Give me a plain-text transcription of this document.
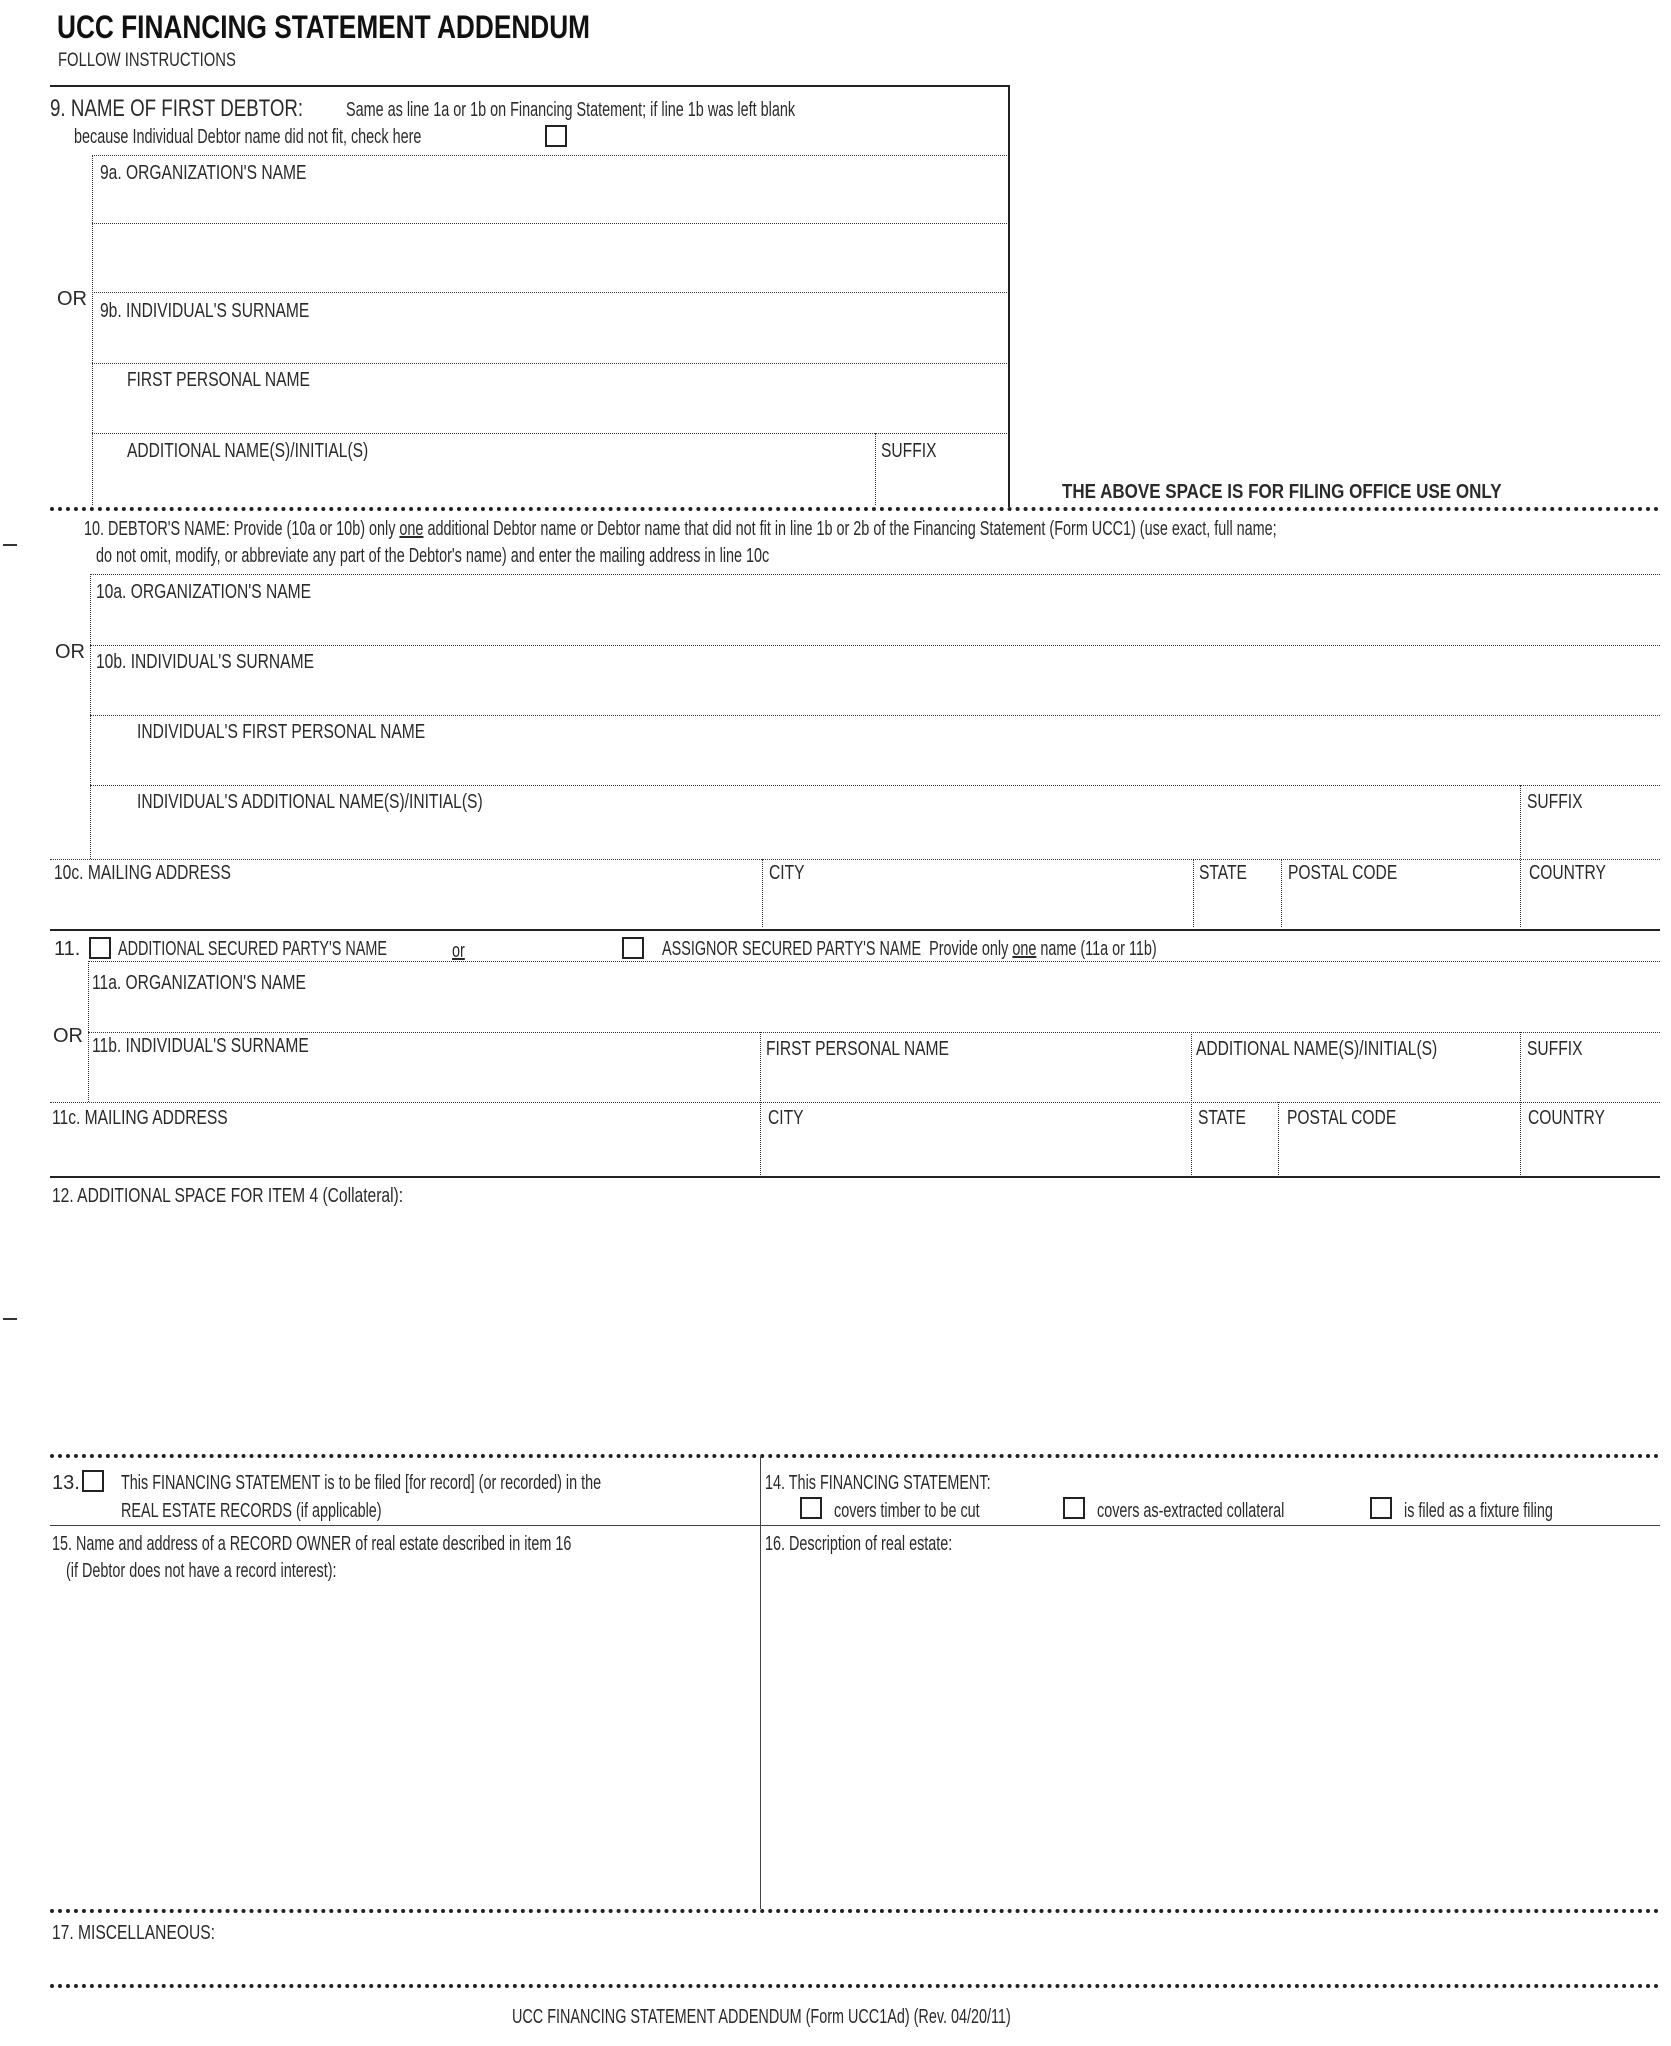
UCC FINANCING STATEMENT ADDENDUM
FOLLOW INSTRUCTIONS
9. NAME OF FIRST DEBTOR: Same as line 1a or 1b on Financing Statement; if line 1b was left blank
because Individual Debtor name did not fit, check here
9a. ORGANIZATION'S NAME
OR
9b. INDIVIDUAL'S SURNAME
FIRST PERSONAL NAME
ADDITIONAL NAME(S)/INITIAL(S)	SUFFIX
THE ABOVE SPACE IS FOR FILING OFFICE USE ONLY
10. DEBTOR'S NAME: Provide (10a or 10b) only one additional Debtor name or Debtor name that did not fit in line 1b or 2b of the Financing Statement (Form UCC1) (use exact, full name;
do not omit, modify, or abbreviate any part of the Debtor's name) and enter the mailing address in line 10c
10a. ORGANIZATION'S NAME
OR 10b. INDIVIDUAL'S SURNAME
INDIVIDUAL'S FIRST PERSONAL NAME
INDIVIDUAL'S ADDITIONAL NAME(S)/INITIAL(S)	SUFFIX
10c. MAILING ADDRESS	CITY	STATE POSTAL CODE	COUNTRY
11. ADDITIONAL SECURED PARTY'S NAME	or	ASSIGNOR SECURED PARTY'S NAME Provide only one name (11a or 11b)
11a. ORGANIZATION'S NAME
OR 11b. INDIVIDUAL'S SURNAME	FIRST PERSONAL NAME	ADDITIONAL NAME(S)/INITIAL(S)	SUFFIX
11c. MAILING ADDRESS	CITY	STATE POSTAL CODE	COUNTRY
12. ADDITIONAL SPACE FOR ITEM 4 (Collateral):
13. This FINANCING STATEMENT is to be filed [for record] (or recorded) in the
REAL ESTATE RECORDS (if applicable)
14. This FINANCING STATEMENT:
covers timber to be cut	covers as-extracted collateral	is filed as a fixture filing
15. Name and address of a RECORD OWNER of real estate described in item 16
(if Debtor does not have a record interest):
16. Description of real estate:
17. MISCELLANEOUS:
UCC FINANCING STATEMENT ADDENDUM (Form UCC1Ad) (Rev. 04/20/11)
